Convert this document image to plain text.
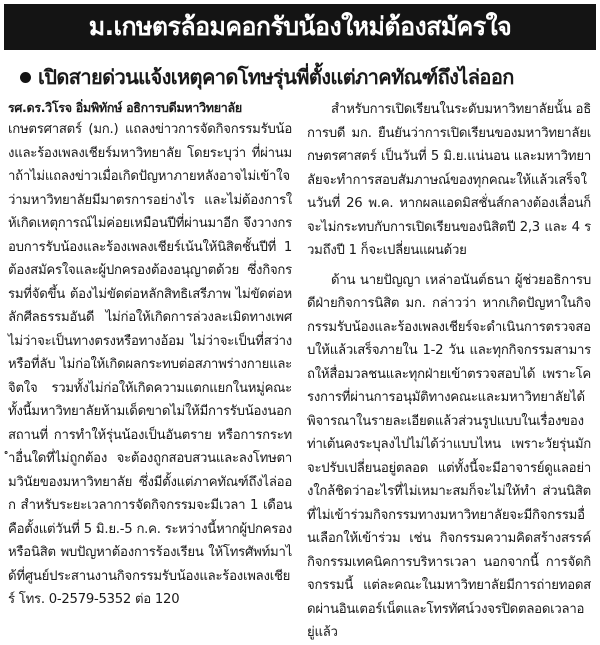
ม.เกษตรล้อมคอกรับน้องใหม่ต้องสมัครใจ
เปิดสายด่วนแจ้งเหตุคาดโทษรุ่นพี่ตั้งแต่ภาคทัณฑ์ถึงไล่ออก
รศ.ดร.วิโรจ อิ่มพิทักษ์ อธิการบดีมหาวิทยาลัย

เกษตรศาสตร์ (มก.) แถลงข่าวการจัดกิจกรรมรับน้องและร้องเพลงเชียร์มหาวิทยาลัย โดยระบุว่า ที่ผ่านมาถ้าไม่แถลงข่าวเมื่อเกิดปัญหาภายหลังอาจไม่เข้าใจว่ามหาวิทยาลัยมีมาตรการอย่างไร และไม่ต้องการให้เกิดเหตุการณ์ไม่ค่อยเหมือนปีที่ผ่านมาอีก จึงวางกรอบการรับน้องและร้องเพลงเชียร์เน้นให้นิสิตชั้นปีที่ 1 ต้องสมัครใจและผู้ปกครองต้องอนุญาตด้วย ซึ่งกิจกรรมที่จัดขึ้น ต้องไม่ขัดต่อหลักสิทธิเสรีภาพ ไม่ขัดต่อหลักศีลธรรมอันดี ไม่ก่อให้เกิดการล่วงละเมิดทางเพศ ไม่ว่าจะเป็นทางตรงหรือทางอ้อม ไม่ว่าจะเป็นที่สว่างหรือที่ลับ ไม่ก่อให้เกิดผลกระทบต่อสภาพร่างกายและจิตใจ รวมทั้งไม่ก่อให้เกิดความแตกแยกในหมู่คณะ ทั้งนี้มหาวิทยาลัยห้ามเด็ดขาดไม่ให้มีการรับน้องนอกสถานที่ การทำให้รุ่นน้องเป็นอันตราย หรือการกระทำอื่นใดที่ไม่ถูกต้อง จะต้องถูกสอบสวนและลงโทษตามวินัยของมหาวิทยาลัย ซึ่งมีตั้งแต่ภาคทัณฑ์ถึงไล่ออก สำหรับระยะเวลาการจัดกิจกรรมจะมีเวลา 1 เดือน คือตั้งแต่วันที่ 5 มิ.ย.-5 ก.ค. ระหว่างนี้หากผู้ปกครองหรือนิสิต พบปัญหาต้องการร้องเรียน ให้โทรศัพท์มาได้ที่ศูนย์ประสานงานกิจกรรมรับน้องและร้องเพลงเชียร์ โทร. 0-2579-5352 ต่อ 120

สำหรับการเปิดเรียนในระดับมหาวิทยาลัยนั้น อธิการบดี มก. ยืนยันว่าการเปิดเรียนของมหาวิทยาลัยเกษตรศาสตร์ เป็นวันที่ 5 มิ.ย.แน่นอน และมหาวิทยาลัยจะทำการสอบสัมภาษณ์ของทุกคณะให้แล้วเสร็จในวันที่ 26 พ.ค. หากผลแอดมิสชั่นส์กลางต้องเลื่อนก็จะไม่กระทบกับการเปิดเรียนของนิสิตปี 2,3 และ 4 รวมถึงปี 1 ก็จะเปลี่ยนแผนด้วย

ด้าน นายปัญญา เหล่าอนันต์ธนา ผู้ช่วยอธิการบดีฝ่ายกิจการนิสิต มก. กล่าวว่า หากเกิดปัญหาในกิจกรรมรับน้องและร้องเพลงเชียร์จะดำเนินการตรวจสอบให้แล้วเสร็จภายใน 1-2 วัน และทุกกิจกรรมสามารถให้สื่อมวลชนและทุกฝ่ายเข้าตรวจสอบได้ เพราะโครงการที่ผ่านการอนุมัติทางคณะและมหาวิทยาลัยได้พิจารณาในรายละเอียดแล้วส่วนรูปแบบในเรื่องของท่าเต้นคงระบุลงไปไม่ได้ว่าแบบไหน เพราะวัยรุ่นมักจะปรับเปลี่ยนอยู่ตลอด แต่ทั้งนี้จะมีอาจารย์ดูแลอย่างใกล้ชิดว่าอะไรที่ไม่เหมาะสมก็จะไม่ให้ทำ ส่วนนิสิตที่ไม่เข้าร่วมกิจกรรมทางมหาวิทยาลัยจะมีกิจกรรมอื่นเลือกให้เข้าร่วม เช่น กิจกรรมความคิดสร้างสรรค์ กิจกรรมเทคนิคการบริหารเวลา นอกจากนี้ การจัดกิจกรรมนี้ แต่ละคณะในมหาวิทยาลัยมีการถ่ายทอดสดผ่านอินเตอร์เน็ตและโทรทัศน์วงจรปิดตลอดเวลาอยู่แล้ว
